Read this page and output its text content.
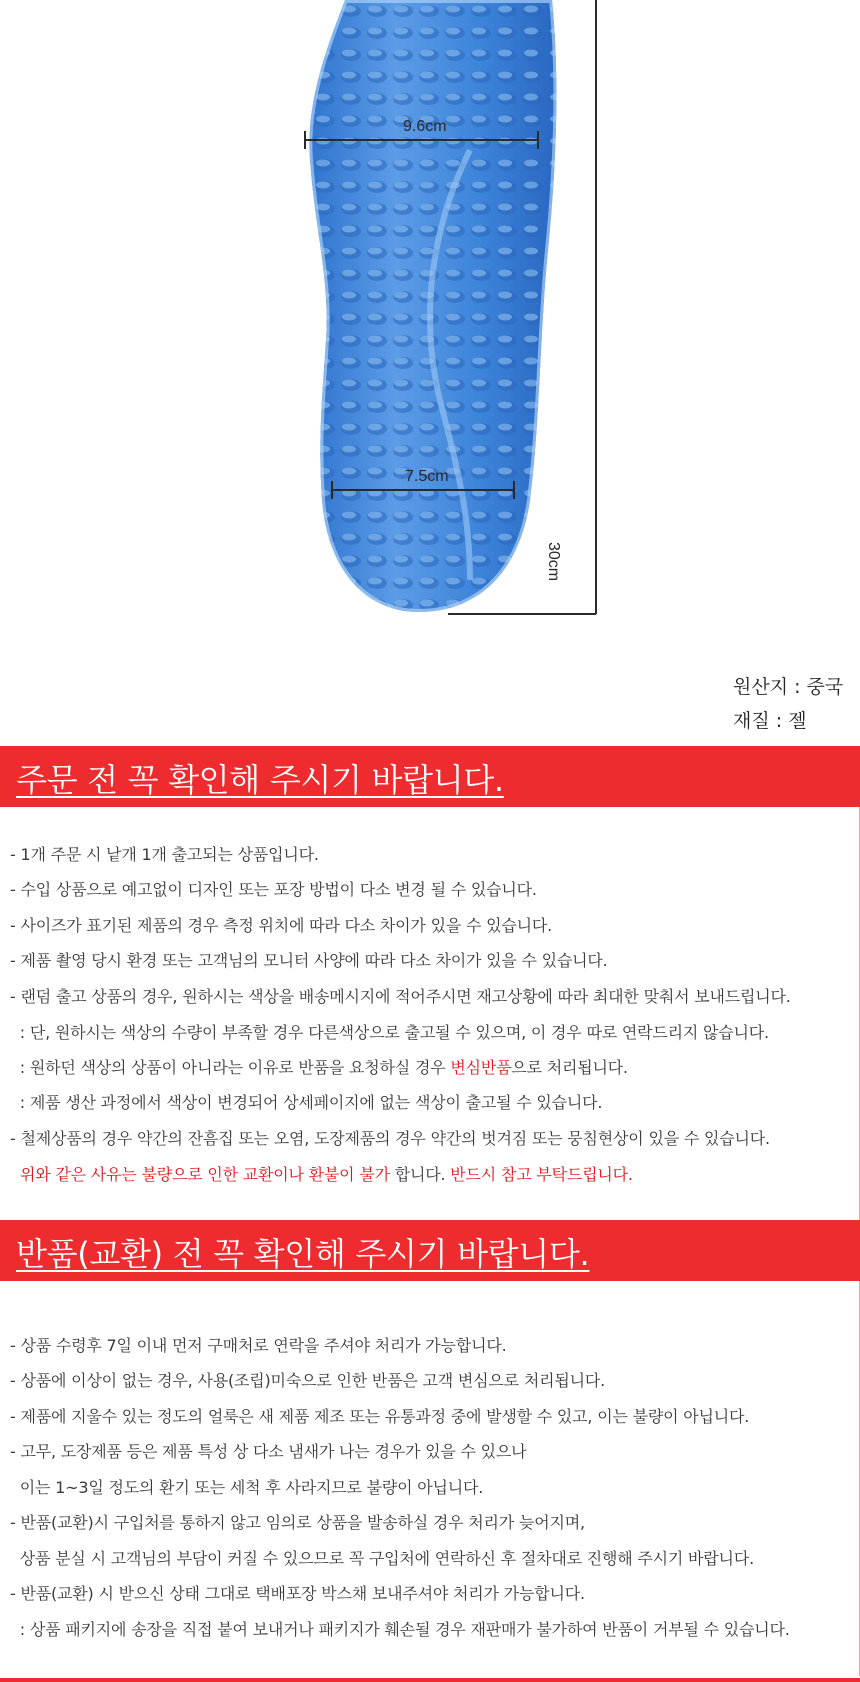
9.6cm
7.5cm
30cm
원산지 : 중국
재질 : 젤
주문 전 꼭 확인해 주시기 바랍니다.
- 1개 주문 시 낱개 1개 출고되는 상품입니다.
- 수입 상품으로 예고없이 디자인 또는 포장 방법이 다소 변경 될 수 있습니다.
- 사이즈가 표기된 제품의 경우 측정 위치에 따라 다소 차이가 있을 수 있습니다.
- 제품 촬영 당시 환경 또는 고객님의 모니터 사양에 따라 다소 차이가 있을 수 있습니다.
- 랜덤 출고 상품의 경우, 원하시는 색상을 배송메시지에 적어주시면 재고상황에 따라 최대한 맞춰서 보내드립니다.
: 단, 원하시는 색상의 수량이 부족할 경우 다른색상으로 출고될 수 있으며, 이 경우 따로 연락드리지 않습니다.
: 원하던 색상의 상품이 아니라는 이유로 반품을 요청하실 경우 변심반품으로 처리됩니다.
: 제품 생산 과정에서 색상이 변경되어 상세페이지에 없는 색상이 출고될 수 있습니다.
- 철제상품의 경우 약간의 잔흠집 또는 오염, 도장제품의 경우 약간의 벗겨짐 또는 뭉침현상이 있을 수 있습니다.
위와 같은 사유는 불량으로 인한 교환이나 환불이 불가 합니다. 반드시 참고 부탁드립니다.
반품(교환) 전 꼭 확인해 주시기 바랍니다.
- 상품 수령후 7일 이내 먼저 구매처로 연락을 주셔야 처리가 가능합니다.
- 상품에 이상이 없는 경우, 사용(조립)미숙으로 인한 반품은 고객 변심으로 처리됩니다.
- 제품에 지울수 있는 정도의 얼룩은 새 제품 제조 또는 유통과정 중에 발생할 수 있고, 이는 불량이 아닙니다.
- 고무, 도장제품 등은 제품 특성 상 다소 냄새가 나는 경우가 있을 수 있으나
이는 1~3일 정도의 환기 또는 세척 후 사라지므로 불량이 아닙니다.
- 반품(교환)시 구입처를 통하지 않고 임의로 상품을 발송하실 경우 처리가 늦어지며,
상품 분실 시 고객님의 부담이 커질 수 있으므로 꼭 구입처에 연락하신 후 절차대로 진행해 주시기 바랍니다.
- 반품(교환) 시 받으신 상태 그대로 택배포장 박스채 보내주셔야 처리가 가능합니다.
: 상품 패키지에 송장을 직접 붙여 보내거나 패키지가 훼손될 경우 재판매가 불가하여 반품이 거부될 수 있습니다.
